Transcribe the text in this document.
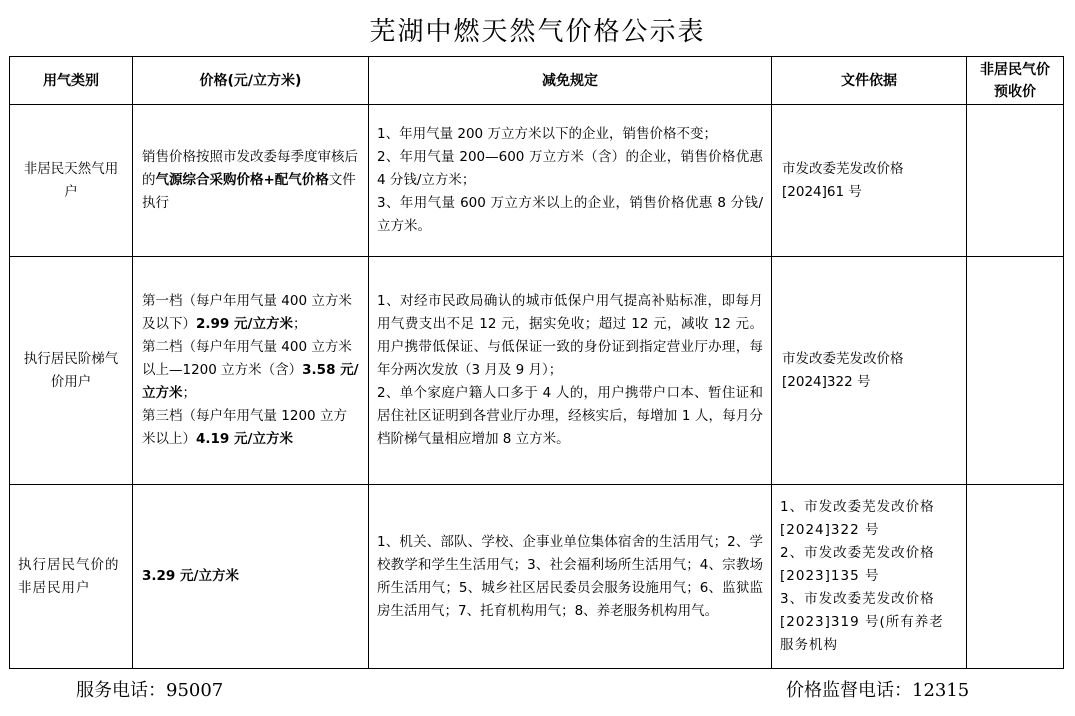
芜湖中燃天然气价格公示表
用气类别	价格(元/立方米)	减免规定	文件依据	非居民气价
预收价

非居民天然气用户	销售价格按照市发改委每季度审核后的气源综合采购价格+配气价格文件执行	1、年用气量 200 万立方米以下的企业，销售价格不变；
2、年用气量 200—600 万立方米（含）的企业，销售价格优惠 4 分钱/立方米；
3、年用气量 600 万立方米以上的企业，销售价格优惠 8 分钱/立方米。	市发改委芜发改价格
[2024]61 号	

执行居民阶梯气价用户	第一档（每户年用气量 400 立方米及以下）2.99 元/立方米；
第二档（每户年用气量 400 立方米以上—1200 立方米（含）3.58 元/立方米；
第三档（每户年用气量 1200 立方米以上）4.19 元/立方米	1、对经市民政局确认的城市低保户用气提高补贴标准，即每月用气费支出不足 12 元，据实免收；超过 12 元，减收 12 元。用户携带低保证、与低保证一致的身份证到指定营业厅办理，每年分两次发放（3 月及 9 月）；
2、单个家庭户籍人口多于 4 人的，用户携带户口本、暂住证和居住社区证明到各营业厅办理，经核实后，每增加 1 人，每月分档阶梯气量相应增加 8 立方米。	市发改委芜发改价格
[2024]322 号	

执行居民气价的非居民用户	3.29 元/立方米	1、机关、部队、学校、企事业单位集体宿舍的生活用气；2、学校教学和学生生活用气；3、社会福利场所生活用气；4、宗教场所生活用气；5、城乡社区居民委员会服务设施用气；6、监狱监房生活用气；7、托育机构用气；8、养老服务机构用气。	1、市发改委芜发改价格[2024]322 号
2、市发改委芜发改价格[2023]135 号
3、市发改委芜发改价格[2023]319 号(所有养老服务机构	

服务电话：95007	价格监督电话：12315
